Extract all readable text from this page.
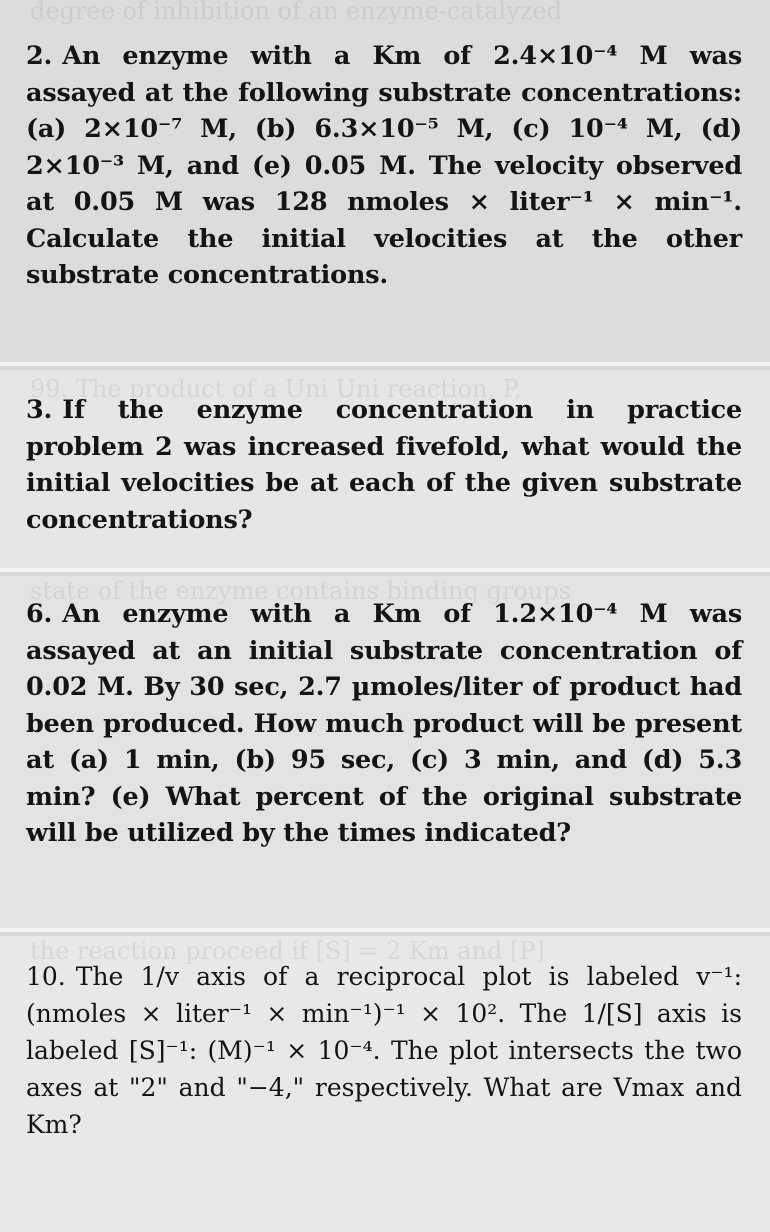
degree of inhibition of an enzyme-catalyzed

2. An enzyme with a Km of 2.4×10⁻⁴ M was assayed at the following substrate concentrations: (a) 2×10⁻⁷ M, (b) 6.3×10⁻⁵ M, (c) 10⁻⁴ M, (d) 2×10⁻³ M, and (e) 0.05 M. The velocity observed at 0.05 M was 128 nmoles × liter⁻¹ × min⁻¹. Calculate the initial velocities at the other substrate concentrations.

99. The product of a Uni Uni reaction, P,

3. If the enzyme concentration in practice problem 2 was increased fivefold, what would the initial velocities be at each of the given substrate concentrations?

state of the enzyme contains binding groups

6. An enzyme with a Km of 1.2×10⁻⁴ M was assayed at an initial substrate concentration of 0.02 M. By 30 sec, 2.7 µmoles/liter of product had been produced. How much product will be present at (a) 1 min, (b) 95 sec, (c) 3 min, and (d) 5.3 min? (e) What percent of the original substrate will be utilized by the times indicated?

the reaction proceed if [S] = 2 Km and [P]

10. The 1/v axis of a reciprocal plot is labeled v⁻¹: (nmoles × liter⁻¹ × min⁻¹)⁻¹ × 10². The 1/[S] axis is labeled [S]⁻¹: (M)⁻¹ × 10⁻⁴. The plot intersects the two axes at "2" and "−4," respectively. What are Vmax and Km?
